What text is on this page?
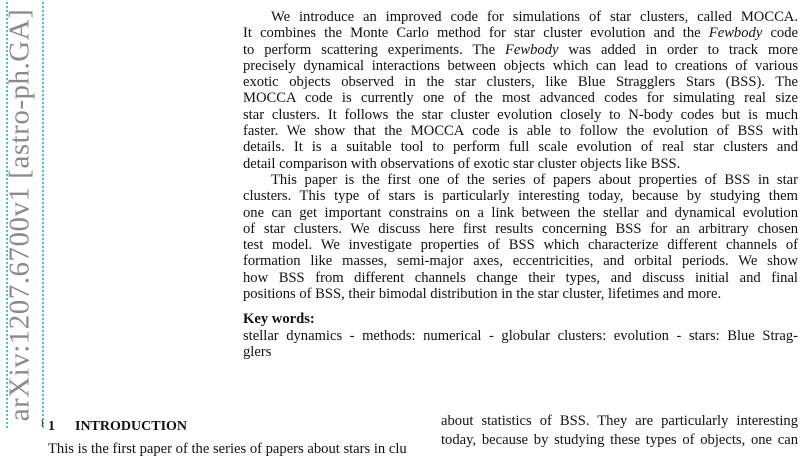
arXiv:1207.6700v1 [astro-ph.GA]
1
We introduce an improved code for simulations of star clusters, called MOCCA.
It combines the Monte Carlo method for star cluster evolution and the Fewbody code
to perform scattering experiments. The Fewbody was added in order to track more
precisely dynamical interactions between objects which can lead to creations of various
exotic objects observed in the star clusters, like Blue Stragglers Stars (BSS). The
MOCCA code is currently one of the most advanced codes for simulating real size
star clusters. It follows the star cluster evolution closely to N-body codes but is much
faster. We show that the MOCCA code is able to follow the evolution of BSS with
details. It is a suitable tool to perform full scale evolution of real star clusters and
detail comparison with observations of exotic star cluster objects like BSS.
This paper is the first one of the series of papers about properties of BSS in star
clusters. This type of stars is particularly interesting today, because by studying them
one can get important constrains on a link between the stellar and dynamical evolution
of star clusters. We discuss here first results concerning BSS for an arbitrary chosen
test model. We investigate properties of BSS which characterize different channels of
formation like masses, semi-major axes, eccentricities, and orbital periods. We show
how BSS from different channels change their types, and discuss initial and final
positions of BSS, their bimodal distribution in the star cluster, lifetimes and more.
Key words:
stellar dynamics - methods: numerical - globular clusters: evolution - stars: Blue Strag-
glers
1 INTRODUCTION
This is the first paper of the series of papers about stars in clu
about statistics of BSS. They are particularly interesting
today, because by studying these types of objects, one can
